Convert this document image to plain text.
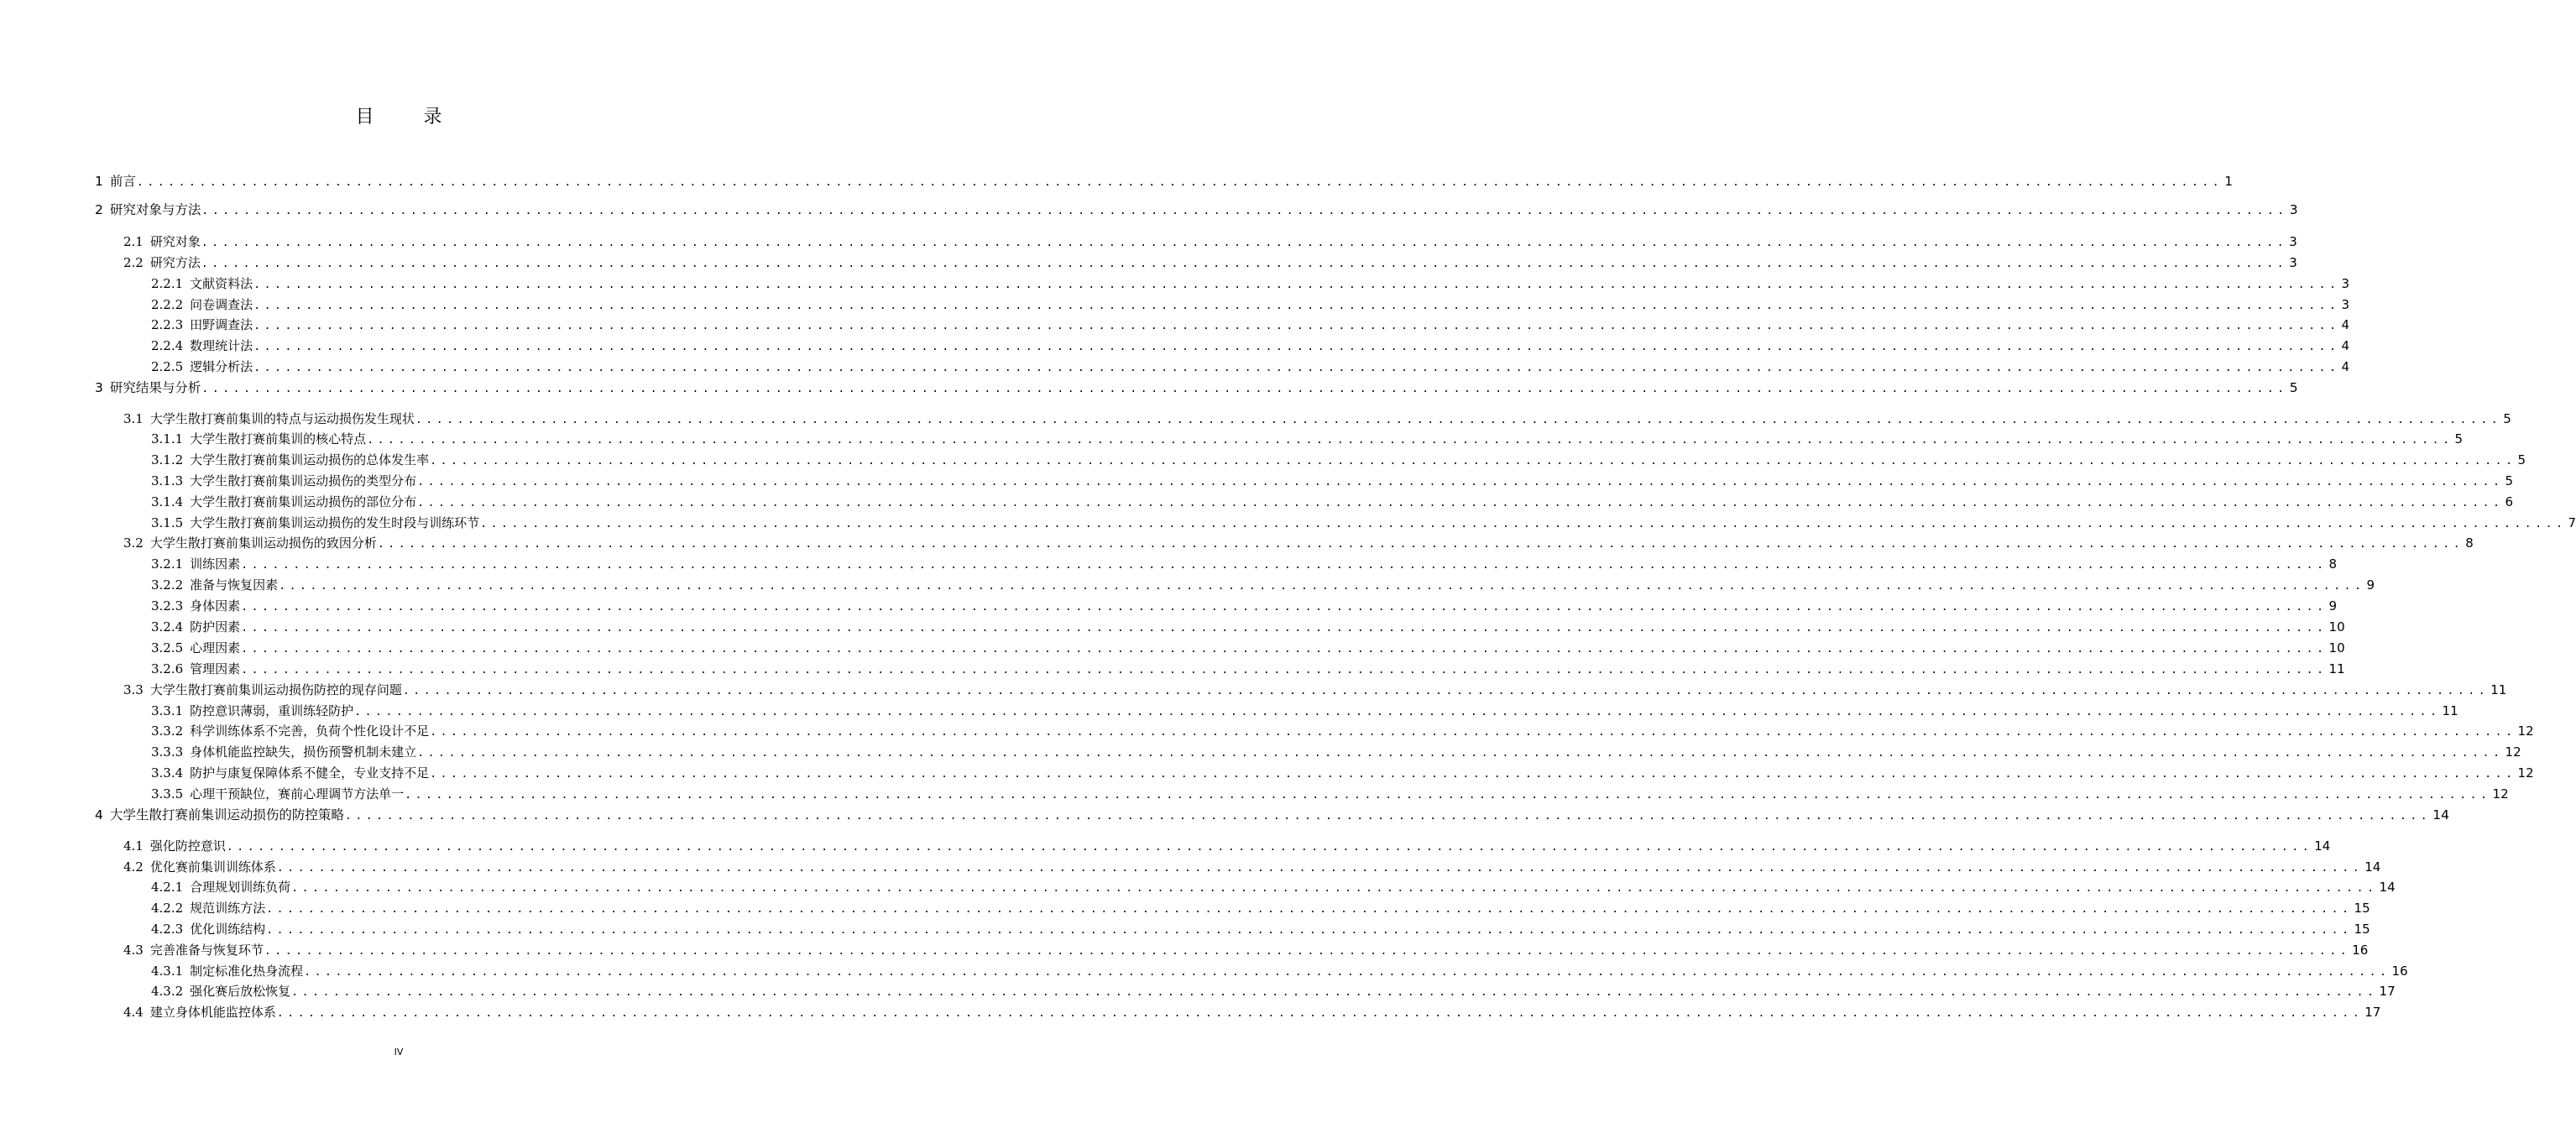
目 录
1 前言 ........................................................................................................................................................................................................ 1
2 研究对象与方法 ........................................................................................................................................................................................................ 3
2.1 研究对象 ........................................................................................................................................................................................................ 3
2.2 研究方法 ........................................................................................................................................................................................................ 3
2.2.1 文献资料法 ........................................................................................................................................................................................................ 3
2.2.2 问卷调查法 ........................................................................................................................................................................................................ 3
2.2.3 田野调查法 ........................................................................................................................................................................................................ 4
2.2.4 数理统计法 ........................................................................................................................................................................................................ 4
2.2.5 逻辑分析法 ........................................................................................................................................................................................................ 4
3 研究结果与分析 ........................................................................................................................................................................................................ 5
3.1 大学生散打赛前集训的特点与运动损伤发生现状 ........................................................................................................................................................................................................ 5
3.1.1 大学生散打赛前集训的核心特点 ........................................................................................................................................................................................................ 5
3.1.2 大学生散打赛前集训运动损伤的总体发生率 ........................................................................................................................................................................................................ 5
3.1.3 大学生散打赛前集训运动损伤的类型分布 ........................................................................................................................................................................................................ 5
3.1.4 大学生散打赛前集训运动损伤的部位分布 ........................................................................................................................................................................................................ 6
3.1.5 大学生散打赛前集训运动损伤的发生时段与训练环节 ........................................................................................................................................................................................................ 7
3.2 大学生散打赛前集训运动损伤的致因分析 ........................................................................................................................................................................................................ 8
3.2.1 训练因素 ........................................................................................................................................................................................................ 8
3.2.2 准备与恢复因素 ........................................................................................................................................................................................................ 9
3.2.3 身体因素 ........................................................................................................................................................................................................ 9
3.2.4 防护因素 ........................................................................................................................................................................................................ 10
3.2.5 心理因素 ........................................................................................................................................................................................................ 10
3.2.6 管理因素 ........................................................................................................................................................................................................ 11
3.3 大学生散打赛前集训运动损伤防控的现存问题 ........................................................................................................................................................................................................ 11
3.3.1 防控意识薄弱，重训练轻防护 ........................................................................................................................................................................................................ 11
3.3.2 科学训练体系不完善，负荷个性化设计不足 ........................................................................................................................................................................................................ 12
3.3.3 身体机能监控缺失，损伤预警机制未建立 ........................................................................................................................................................................................................ 12
3.3.4 防护与康复保障体系不健全，专业支持不足 ........................................................................................................................................................................................................ 12
3.3.5 心理干预缺位，赛前心理调节方法单一 ........................................................................................................................................................................................................ 12
4 大学生散打赛前集训运动损伤的防控策略 ........................................................................................................................................................................................................ 14
4.1 强化防控意识 ........................................................................................................................................................................................................ 14
4.2 优化赛前集训训练体系 ........................................................................................................................................................................................................ 14
4.2.1 合理规划训练负荷 ........................................................................................................................................................................................................ 14
4.2.2 规范训练方法 ........................................................................................................................................................................................................ 15
4.2.3 优化训练结构 ........................................................................................................................................................................................................ 15
4.3 完善准备与恢复环节 ........................................................................................................................................................................................................ 16
4.3.1 制定标准化热身流程 ........................................................................................................................................................................................................ 16
4.3.2 强化赛后放松恢复 ........................................................................................................................................................................................................ 17
4.4 建立身体机能监控体系 ........................................................................................................................................................................................................ 17
IV
